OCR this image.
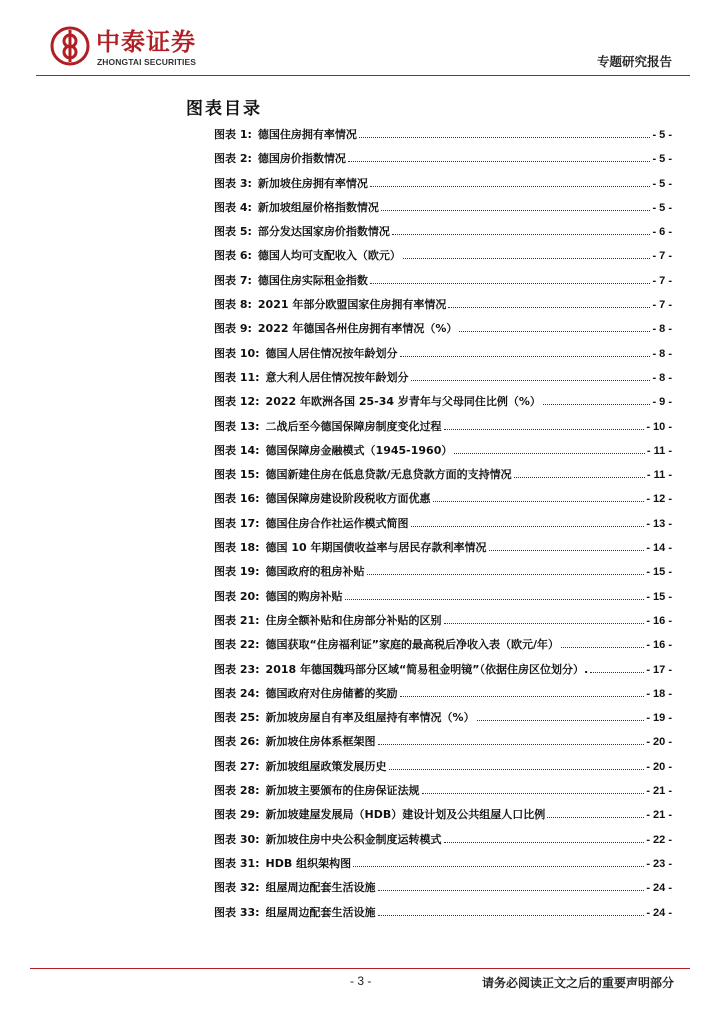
中泰证券
ZHONGTAI SECURITIES	专题研究报告
图表目录
图表 1 : 德国住房拥有率情况	- 5 -
图表 2 : 德国房价指数情况	- 5 -
图表 3 : 新加坡住房拥有率情况	- 5 -
图表 4 : 新加坡组屋价格指数情况	- 5 -
图表 5 : 部分发达国家房价指数情况	- 6 -
图表 6 : 德国人均可支配收入（欧元）	- 7 -
图表 7 : 德国住房实际租金指数	- 7 -
图表 8 : 2021 年部分欧盟国家住房拥有率情况	- 7 -
图表 9 : 2022 年德国各州住房拥有率情况（%）	- 8 -
图表 10 : 德国人居住情况按年龄划分	- 8 -
图表 11 : 意大利人居住情况按年龄划分	- 8 -
图表 12 : 2022 年欧洲各国 25-34 岁青年与父母同住比例（%）	- 9 -
图表 13 : 二战后至今德国保障房制度变化过程	- 10 -
图表 14 : 德国保障房金融模式（1945-1960）	- 11 -
图表 15 : 德国新建住房在低息贷款/无息贷款方面的支持情况	- 11 -
图表 16 : 德国保障房建设阶段税收方面优惠	- 12 -
图表 17 : 德国住房合作社运作模式简图	- 13 -
图表 18 : 德国 10 年期国债收益率与居民存款利率情况	- 14 -
图表 19 : 德国政府的租房补贴	- 15 -
图表 20 : 德国的购房补贴	- 15 -
图表 21 : 住房全额补贴和住房部分补贴的区别	- 16 -
图表 22 : 德国获取“住房福利证”家庭的最高税后净收入表（欧元/年）	- 16 -
图表 23 : 2018 年德国魏玛部分区域“简易租金明镜”（依据住房区位划分）.	- 17 -
图表 24 : 德国政府对住房储蓄的奖励	- 18 -
图表 25 : 新加坡房屋自有率及组屋持有率情况（%）	- 19 -
图表 26 : 新加坡住房体系框架图	- 20 -
图表 27 : 新加坡组屋政策发展历史	- 20 -
图表 28 : 新加坡主要颁布的住房保证法规	- 21 -
图表 29 : 新加坡建屋发展局（HDB）建设计划及公共组屋人口比例	- 21 -
图表 30 : 新加坡住房中央公积金制度运转模式	- 22 -
图表 31 : HDB 组织架构图	- 23 -
图表 32 : 组屋周边配套生活设施	- 24 -
图表 33 : 组屋周边配套生活设施	- 24 -
- 3 -	请务必阅读正文之后的重要声明部分
